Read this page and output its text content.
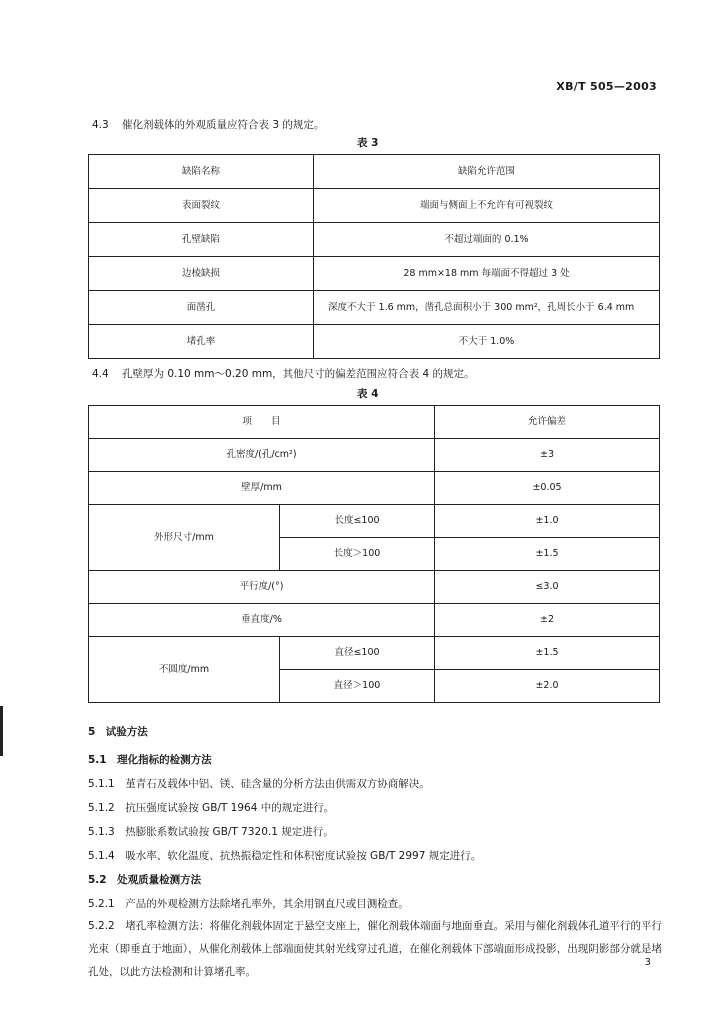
XB/T 505—2003
4.3 催化剂载体的外观质量应符合表 3 的规定。
表 3
缺陷名称	缺陷允许范围
表面裂纹	端面与侧面上不允许有可视裂纹
孔壁缺陷	不超过端面的 0.1%
边棱缺损	28 mm×18 mm 每端面不得超过 3 处
面凿孔	深度不大于 1.6 mm，凿孔总面积小于 300 mm²，孔周长小于 6.4 mm
堵孔率	不大于 1.0%
4.4 孔壁厚为 0.10 mm～0.20 mm，其他尺寸的偏差范围应符合表 4 的规定。
表 4
项　　目		允许偏差
孔密度/(孔/cm²)		±3
壁厚/mm		±0.05
外形尺寸/mm	长度≤100	±1.0
	长度＞100	±1.5
平行度/(°)		≤3.0
垂直度/%		±2
不圆度/mm	直径≤100	±1.5
	直径＞100	±2.0
5　试验方法
5.1　理化指标的检测方法
5.1.1　堇青石及载体中铝、镁、硅含量的分析方法由供需双方协商解决。
5.1.2　抗压强度试验按 GB/T 1964 中的规定进行。
5.1.3　热膨胀系数试验按 GB/T 7320.1 规定进行。
5.1.4　吸水率、软化温度、抗热振稳定性和体积密度试验按 GB/T 2997 规定进行。
5.2　处观质量检测方法
5.2.1　产品的外观检测方法除堵孔率外，其余用钢直尺或目测检查。
5.2.2　堵孔率检测方法：将催化剂载体固定于悬空支座上，催化剂载体端面与地面垂直。采用与催化剂载体孔道平行的平行光束（即垂直于地面），从催化剂载体上部端面使其射光线穿过孔道，在催化剂载体下部端面形成投影，出现阴影部分就是堵孔处，以此方法检测和计算堵孔率。
3
